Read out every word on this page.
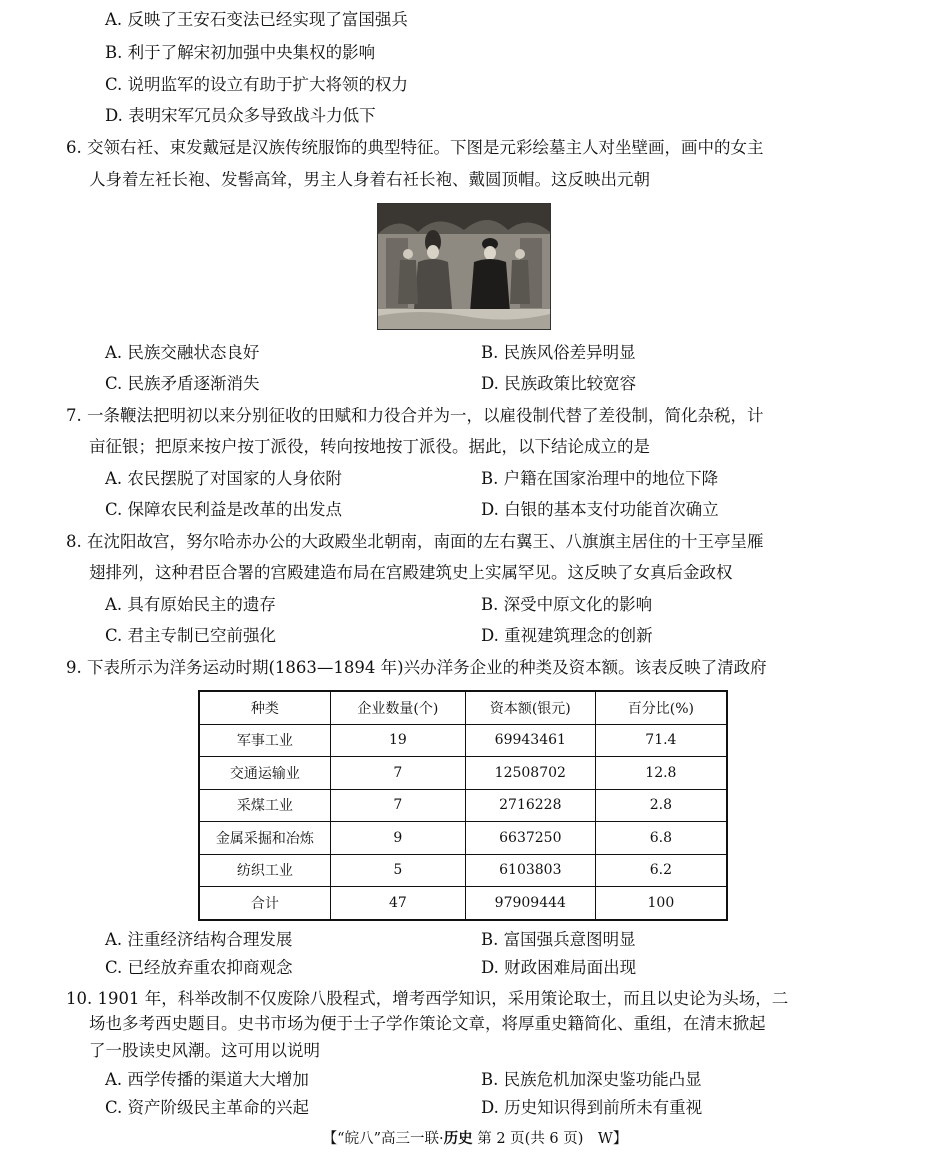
A. 反映了王安石变法已经实现了富国强兵
B. 利于了解宋初加强中央集权的影响
C. 说明监军的设立有助于扩大将领的权力
D. 表明宋军冗员众多导致战斗力低下
6. 交领右衽、束发戴冠是汉族传统服饰的典型特征。下图是元彩绘墓主人对坐壁画，画中的女主
人身着左衽长袍、发髻高耸，男主人身着右衽长袍、戴圆顶帽。这反映出元朝
A. 民族交融状态良好	B. 民族风俗差异明显
C. 民族矛盾逐渐消失	D. 民族政策比较宽容
7. 一条鞭法把明初以来分别征收的田赋和力役合并为一，以雇役制代替了差役制，简化杂税，计
亩征银；把原来按户按丁派役，转向按地按丁派役。据此，以下结论成立的是
A. 农民摆脱了对国家的人身依附	B. 户籍在国家治理中的地位下降
C. 保障农民利益是改革的出发点	D. 白银的基本支付功能首次确立
8. 在沈阳故宫，努尔哈赤办公的大政殿坐北朝南，南面的左右翼王、八旗旗主居住的十王亭呈雁
翅排列，这种君臣合署的宫殿建造布局在宫殿建筑史上实属罕见。这反映了女真后金政权
A. 具有原始民主的遗存	B. 深受中原文化的影响
C. 君主专制已空前强化	D. 重视建筑理念的创新
9. 下表所示为洋务运动时期(1863—1894 年)兴办洋务企业的种类及资本额。该表反映了清政府
种类	企业数量(个)	资本额(银元)	百分比(%)
军事工业	19	69943461	71.4
交通运输业	7	12508702	12.8
采煤工业	7	2716228	2.8
金属采掘和冶炼	9	6637250	6.8
纺织工业	5	6103803	6.2
合计	47	97909444	100
A. 注重经济结构合理发展	B. 富国强兵意图明显
C. 已经放弃重农抑商观念	D. 财政困难局面出现
10. 1901 年，科举改制不仅废除八股程式，增考西学知识，采用策论取士，而且以史论为头场，二
场也多考西史题目。史书市场为便于士子学作策论文章，将厚重史籍简化、重组，在清末掀起
了一股读史风潮。这可用以说明
A. 西学传播的渠道大大增加	B. 民族危机加深史鉴功能凸显
C. 资产阶级民主革命的兴起	D. 历史知识得到前所未有重视
【“皖八”高三一联·历史 第 2 页(共 6 页)　W】
